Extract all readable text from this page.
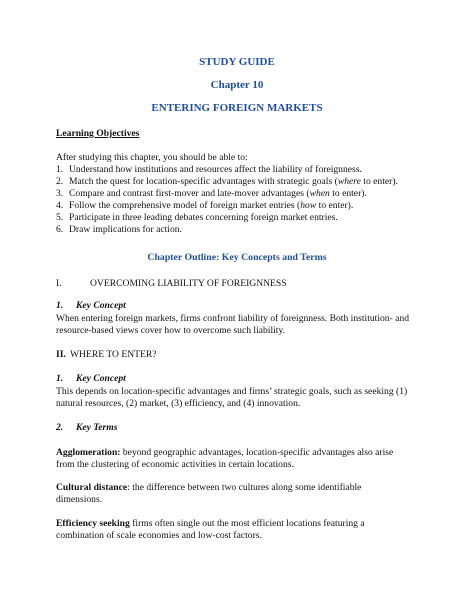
STUDY GUIDE
Chapter 10
ENTERING FOREIGN MARKETS
Learning Objectives
After studying this chapter, you should be able to:
1. Understand how institutions and resources affect the liability of foreignness.
2. Match the quest for location-specific advantages with strategic goals (where to enter).
3. Compare and contrast first-mover and late-mover advantages (when to enter).
4. Follow the comprehensive model of foreign market entries (how to enter).
5. Participate in three leading debates concerning foreign market entries.
6. Draw implications for action.
Chapter Outline: Key Concepts and Terms
I.	OVERCOMING LIABILITY OF FOREIGNNESS
1. Key Concept
When entering foreign markets, firms confront liability of foreignness. Both institution- and
resource-based views cover how to overcome such liability.
II. WHERE TO ENTER?
1. Key Concept
This depends on location-specific advantages and firms’ strategic goals, such as seeking (1)
natural resources, (2) market, (3) efficiency, and (4) innovation.
2. Key Terms
Agglomeration: beyond geographic advantages, location-specific advantages also arise
from the clustering of economic activities in certain locations.
Cultural distance: the difference between two cultures along some identifiable
dimensions.
Efficiency seeking firms often single out the most efficient locations featuring a
combination of scale economies and low-cost factors.
